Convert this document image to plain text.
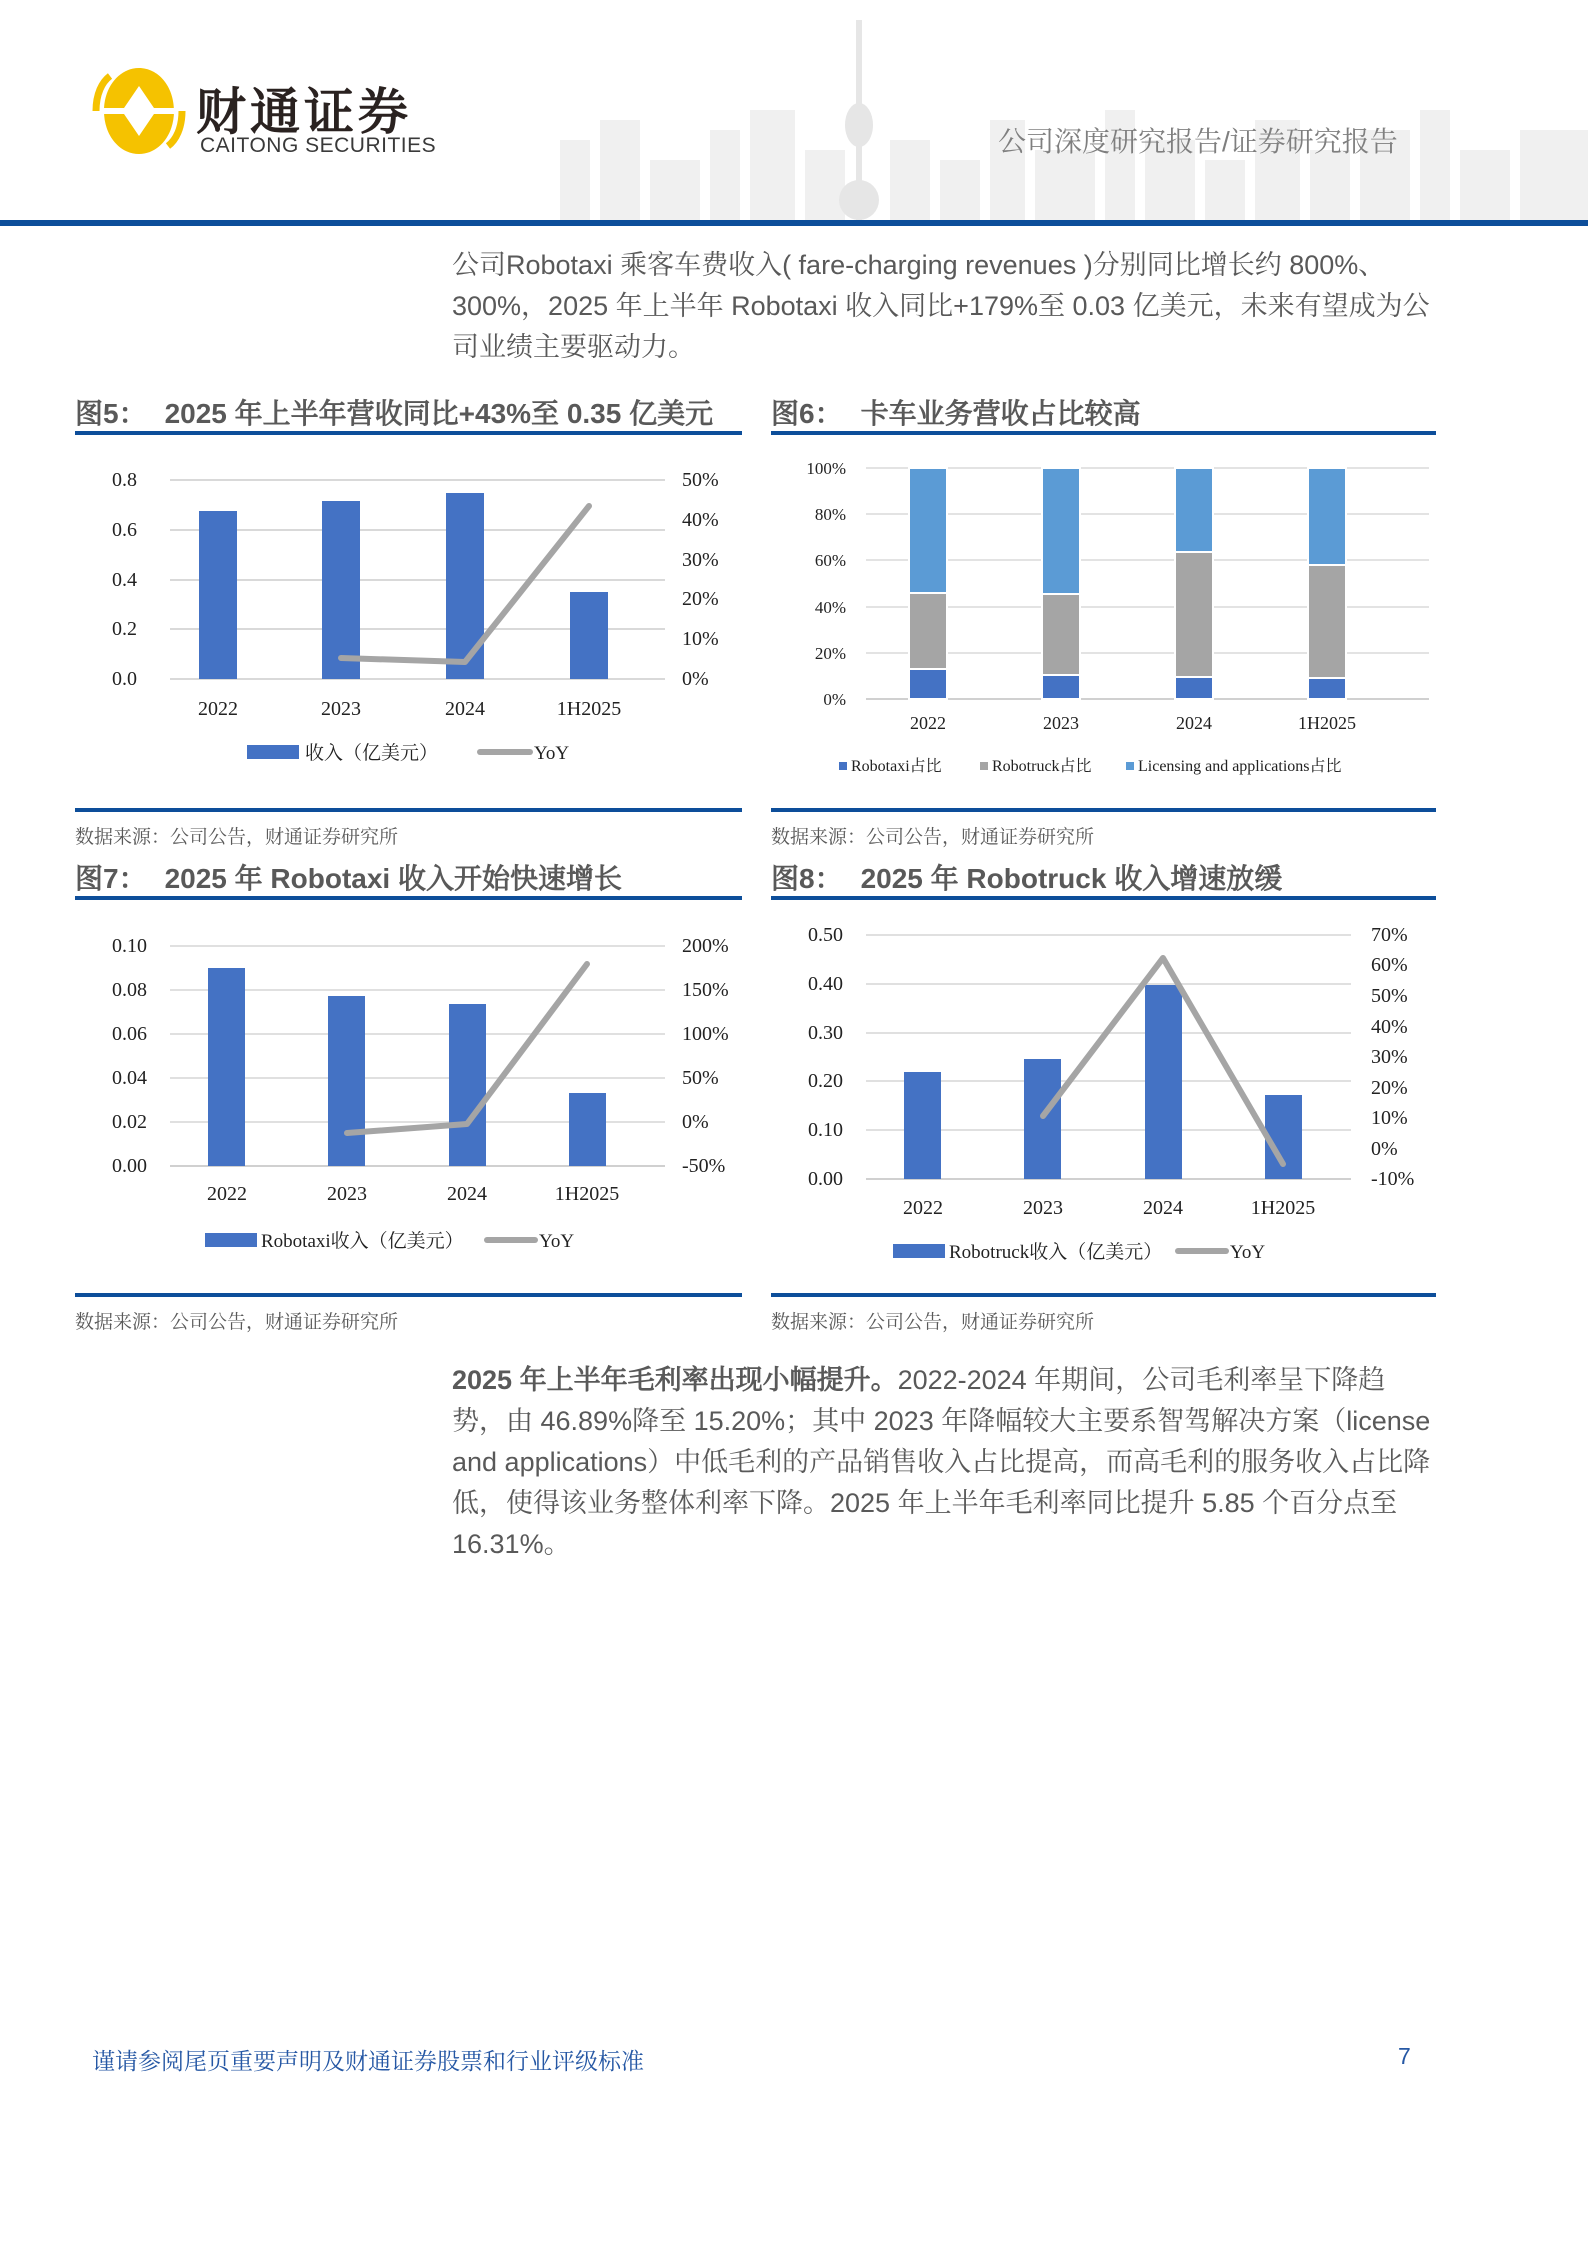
财通证券
CAITONG SECURITIES	公司深度研究报告/证券研究报告
公司Robotaxi 乘客车费收入( fare-charging revenues )分别同比增长约 800%、300%，2025 年上半年 Robotaxi 收入同比+179%至 0.03 亿美元，未来有望成为公司业绩主要驱动力。
图5： 2025 年上半年营收同比+43%至 0.35 亿美元
0.8
0.6
0.4
0.2
0.0
50%
40%
30%
20%
10%
0%
2022	2023	2024	1H2025
收入（亿美元）	YoY
数据来源：公司公告，财通证券研究所
图6： 卡车业务营收占比较高
100%
80%
60%
40%
20%
0%
2022	2023	2024	1H2025
Robotaxi占比	Robotruck占比	Licensing and applications占比
数据来源：公司公告，财通证券研究所
图7： 2025 年 Robotaxi 收入开始快速增长
0.10
0.08
0.06
0.04
0.02
0.00
200%
150%
100%
50%
0%
-50%
2022	2023	2024	1H2025
Robotaxi收入（亿美元）	YoY
数据来源：公司公告，财通证券研究所
图8： 2025 年 Robotruck 收入增速放缓
0.50
0.40
0.30
0.20
0.10
0.00
70%
60%
50%
40%
30%
20%
10%
0%
-10%
2022	2023	2024	1H2025
Robotruck收入（亿美元）	YoY
数据来源：公司公告，财通证券研究所
2025 年上半年毛利率出现小幅提升。2022-2024 年期间，公司毛利率呈下降趋势，由 46.89%降至 15.20%；其中 2023 年降幅较大主要系智驾解决方案（license and applications）中低毛利的产品销售收入占比提高，而高毛利的服务收入占比降低，使得该业务整体利率下降。2025 年上半年毛利率同比提升 5.85 个百分点至 16.31%。
谨请参阅尾页重要声明及财通证券股票和行业评级标准	7
